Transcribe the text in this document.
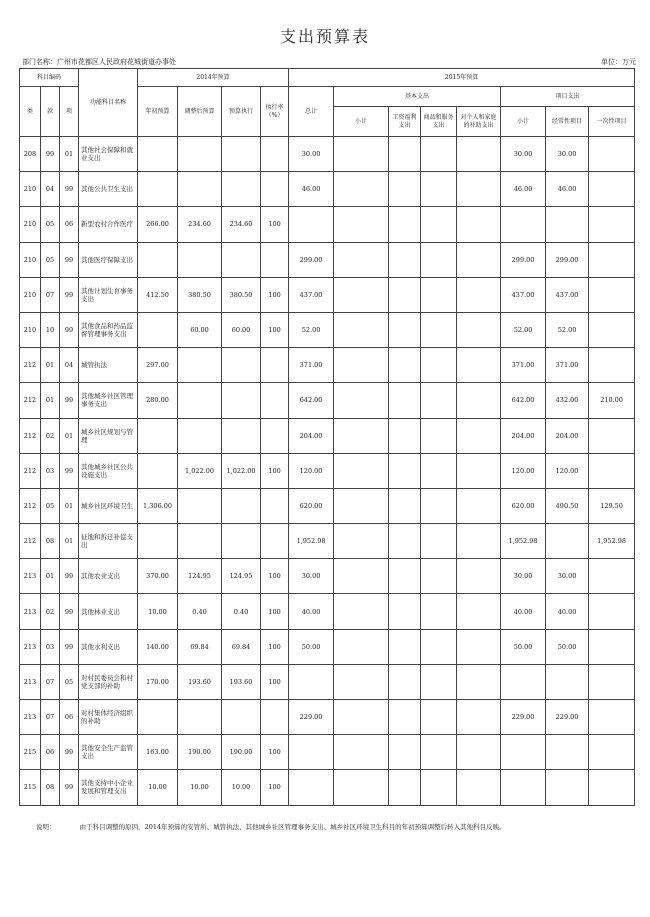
支出预算表
部门名称：广州市花都区人民政府花城街道办事处	单位：万元
科目编码			功能科目名称	2014年预算				2015年预算							
类	款	项		年初预算	调整后预算	预算执行	执行率（%）	总计	基本支出				项目支出		
									小计	工资福利支出	商品和服务支出	对个人和家庭的补助支出	小计	经常性项目	一次性项目
208	99	01	其他社会保障和就业支出					30.00					30.00	30.00	
210	04	99	其他公共卫生支出					46.00					46.00	46.00	
210	05	06	新型农村合作医疗	266.00	234.60	234.60	100								
210	05	99	其他医疗保障支出					299.00					299.00	299.00	
210	07	99	其他计划生育事务支出	412.50	380.50	380.50	100	437.00					437.00	437.00	
210	10	99	其他食品和药品监督管理事务支出		60.00	60.00	100	52.00					52.00	52.00	
212	01	04	城管执法	297.00				371.00					371.00	371.00	
212	01	99	其他城乡社区管理事务支出	280.00				642.00					642.00	432.00	210.00
212	02	01	城乡社区规划与管理					204.00					204.00	204.00	
212	03	99	其他城乡社区公共设施支出		1,022.00	1,022.00	100	120.00					120.00	120.00	
212	05	01	城乡社区环境卫生	1,306.00				620.00					620.00	490.50	129.50
212	08	01	征地和拆迁补偿支出					1,952.98					1,952.98		1,952.98
213	01	99	其他农业支出	370.00	124.95	124.95	100	30.00					30.00	30.00	
213	02	99	其他林业支出	10.00	0.40	0.40	100	40.00					40.00	40.00	
213	03	99	其他水利支出	140.00	69.84	69.84	100	50.00					50.00	50.00	
213	07	05	对村民委员会和村党支部的补助	170.00	193.60	193.60	100								
213	07	06	对村集体经济组织的补助					229.00					229.00	229.00	
215	06	99	其他安全生产监管支出	163.00	190.00	190.00	100								
215	08	99	其他支持中小企业发展和管理支出	10.00	10.00	10.00	100								
说明：	由于科目调整的原因，2014年预算的安管所、城管执法、其他城乡社区管理事务支出、城乡社区环境卫生科目的年初预算调整后转入其他科目反映。
